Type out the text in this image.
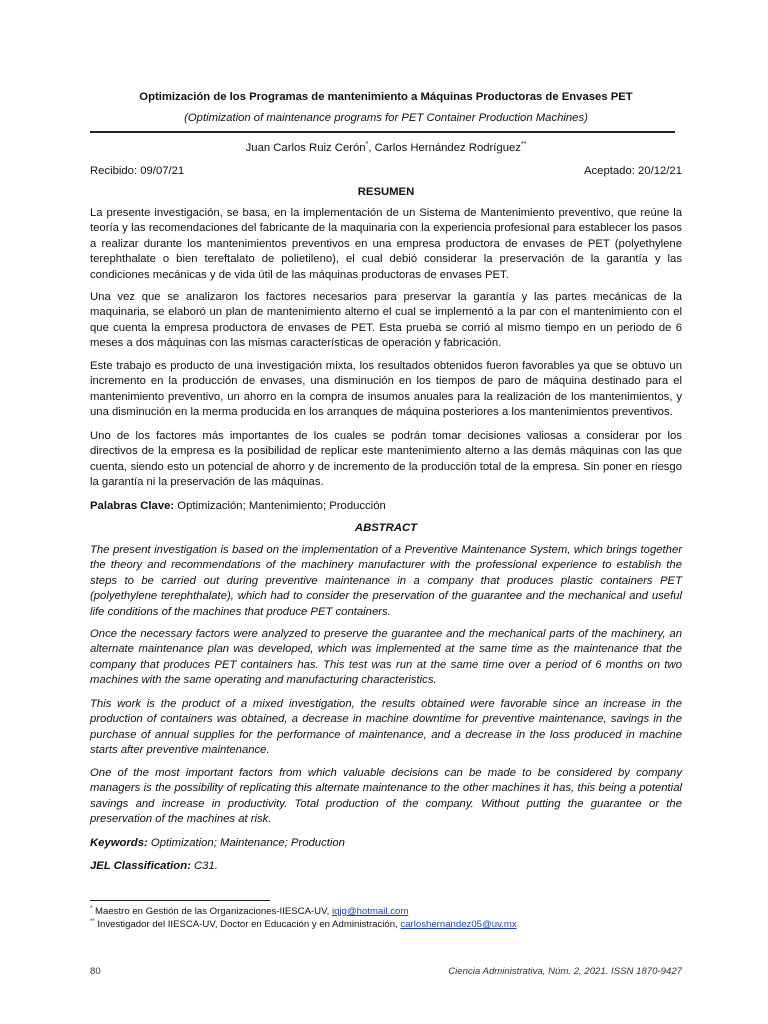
Optimización de los Programas de mantenimiento a Máquinas Productoras de Envases PET
(Optimization of maintenance programs for PET Container Production Machines)
Juan Carlos Ruiz Cerón*, Carlos Hernández Rodríguez**
Recibido: 09/07/21	Aceptado: 20/12/21
RESUMEN

La presente investigación, se basa, en la implementación de un Sistema de Mantenimiento preventivo, que reúne la teoría y las recomendaciones del fabricante de la maquinaria con la experiencia profesional para establecer los pasos a realizar durante los mantenimientos preventivos en una empresa productora de envases de PET (polyethylene terephthalate o bien tereftalato de polietileno), el cual debió considerar la preservación de la garantía y las condiciones mecánicas y de vida útil de las máquinas productoras de envases PET.

Una vez que se analizaron los factores necesarios para preservar la garantía y las partes mecánicas de la maquinaria, se elaboró un plan de mantenimiento alterno el cual se implementó a la par con el mantenimiento con el que cuenta la empresa productora de envases de PET. Esta prueba se corrió al mismo tiempo en un periodo de 6 meses a dos máquinas con las mismas características de operación y fabricación.

Este trabajo es producto de una investigación mixta, los resultados obtenidos fueron favorables ya que se obtuvo un incremento en la producción de envases, una disminución en los tiempos de paro de máquina destinado para el mantenimiento preventivo, un ahorro en la compra de insumos anuales para la realización de los mantenimientos, y una disminución en la merma producida en los arranques de máquina posteriores a los mantenimientos preventivos.

Uno de los factores más importantes de los cuales se podrán tomar decisiones valiosas a considerar por los directivos de la empresa es la posibilidad de replicar este mantenimiento alterno a las demás máquinas con las que cuenta, siendo esto un potencial de ahorro y de incremento de la producción total de la empresa. Sin poner en riesgo la garantía ni la preservación de las máquinas.

Palabras Clave: Optimización; Mantenimiento; Producción
ABSTRACT

The present investigation is based on the implementation of a Preventive Maintenance System, which brings together the theory and recommendations of the machinery manufacturer with the professional experience to establish the steps to be carried out during preventive maintenance in a company that produces plastic containers PET (polyethylene terephthalate), which had to consider the preservation of the guarantee and the mechanical and useful life conditions of the machines that produce PET containers.

Once the necessary factors were analyzed to preserve the guarantee and the mechanical parts of the machinery, an alternate maintenance plan was developed, which was implemented at the same time as the maintenance that the company that produces PET containers has. This test was run at the same time over a period of 6 months on two machines with the same operating and manufacturing characteristics.

This work is the product of a mixed investigation, the results obtained were favorable since an increase in the production of containers was obtained, a decrease in machine downtime for preventive maintenance, savings in the purchase of annual supplies for the performance of maintenance, and a decrease in the loss produced in machine starts after preventive maintenance.

One of the most important factors from which valuable decisions can be made to be considered by company managers is the possibility of replicating this alternate maintenance to the other machines it has, this being a potential savings and increase in productivity. Total production of the company. Without putting the guarantee or the preservation of the machines at risk.

Keywords: Optimization; Maintenance; Production
JEL Classification: C31.
* Maestro en Gestión de las Organizaciones-IIESCA-UV, iqjg@hotmail.com
** Investigador del IIESCA-UV, Doctor en Educación y en Administración, carloshernandez05@uv.mx
80	Ciencia Administrativa, Núm. 2, 2021. ISSN 1870-9427
